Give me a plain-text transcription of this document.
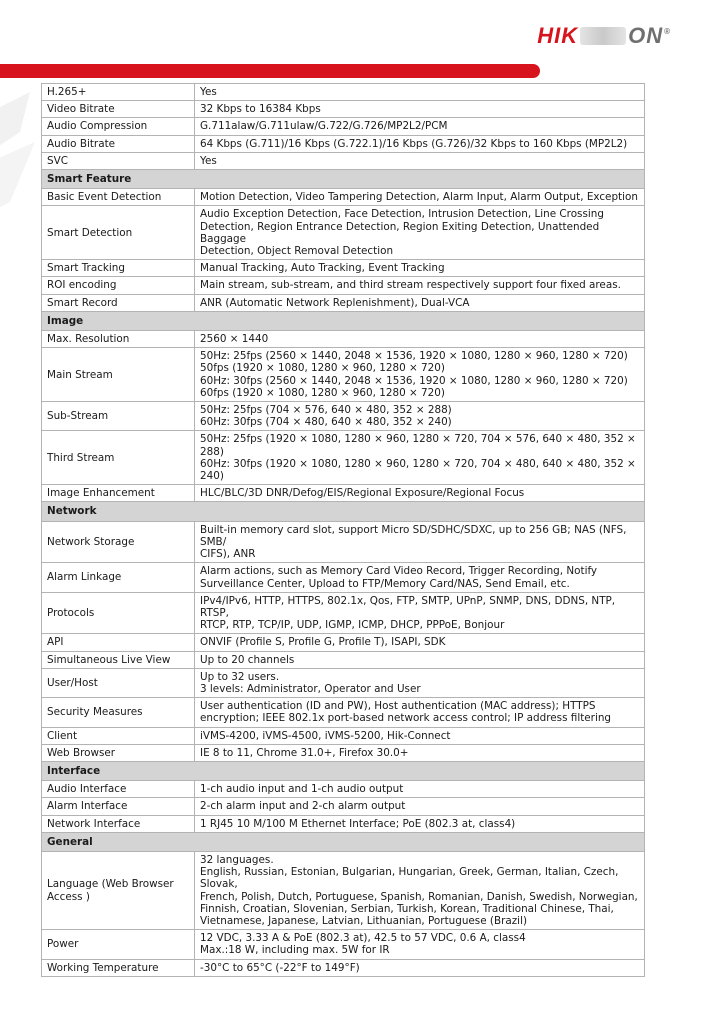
HIK ON ®
H.265+	Yes
Video Bitrate	32 Kbps to 16384 Kbps
Audio Compression	G.711alaw/G.711ulaw/G.722/G.726/MP2L2/PCM
Audio Bitrate	64 Kbps (G.711)/16 Kbps (G.722.1)/16 Kbps (G.726)/32 Kbps to 160 Kbps (MP2L2)
SVC	Yes
Smart Feature	
Basic Event Detection	Motion Detection, Video Tampering Detection, Alarm Input, Alarm Output, Exception
Smart Detection	Audio Exception Detection, Face Detection, Intrusion Detection, Line Crossing
Detection, Region Entrance Detection, Region Exiting Detection, Unattended Baggage
Detection, Object Removal Detection
Smart Tracking	Manual Tracking, Auto Tracking, Event Tracking
ROI encoding	Main stream, sub-stream, and third stream respectively support four fixed areas.
Smart Record	ANR (Automatic Network Replenishment), Dual-VCA
Image	
Max. Resolution	2560 × 1440
Main Stream	50Hz: 25fps (2560 × 1440, 2048 × 1536, 1920 × 1080, 1280 × 960, 1280 × 720)
50fps (1920 × 1080, 1280 × 960, 1280 × 720)
60Hz: 30fps (2560 × 1440, 2048 × 1536, 1920 × 1080, 1280 × 960, 1280 × 720)
60fps (1920 × 1080, 1280 × 960, 1280 × 720)
Sub-Stream	50Hz: 25fps (704 × 576, 640 × 480, 352 × 288)
60Hz: 30fps (704 × 480, 640 × 480, 352 × 240)
Third Stream	50Hz: 25fps (1920 × 1080, 1280 × 960, 1280 × 720, 704 × 576, 640 × 480, 352 × 288)
60Hz: 30fps (1920 × 1080, 1280 × 960, 1280 × 720, 704 × 480, 640 × 480, 352 × 240)
Image Enhancement	HLC/BLC/3D DNR/Defog/EIS/Regional Exposure/Regional Focus
Network	
Network Storage	Built-in memory card slot, support Micro SD/SDHC/SDXC, up to 256 GB; NAS (NFS, SMB/
CIFS), ANR
Alarm Linkage	Alarm actions, such as Memory Card Video Record, Trigger Recording, Notify
Surveillance Center, Upload to FTP/Memory Card/NAS, Send Email, etc.
Protocols	IPv4/IPv6, HTTP, HTTPS, 802.1x, Qos, FTP, SMTP, UPnP, SNMP, DNS, DDNS, NTP, RTSP,
RTCP, RTP, TCP/IP, UDP, IGMP, ICMP, DHCP, PPPoE, Bonjour
API	ONVIF (Profile S, Profile G, Profile T), ISAPI, SDK
Simultaneous Live View	Up to 20 channels
User/Host	Up to 32 users.
3 levels: Administrator, Operator and User
Security Measures	User authentication (ID and PW), Host authentication (MAC address); HTTPS
encryption; IEEE 802.1x port-based network access control; IP address filtering
Client	iVMS-4200, iVMS-4500, iVMS-5200, Hik-Connect
Web Browser	IE 8 to 11, Chrome 31.0+, Firefox 30.0+
Interface	
Audio Interface	1-ch audio input and 1-ch audio output
Alarm Interface	2-ch alarm input and 2-ch alarm output
Network Interface	1 RJ45 10 M/100 M Ethernet Interface; PoE (802.3 at, class4)
General	
Language (Web Browser
Access )	32 languages.
English, Russian, Estonian, Bulgarian, Hungarian, Greek, German, Italian, Czech, Slovak,
French, Polish, Dutch, Portuguese, Spanish, Romanian, Danish, Swedish, Norwegian,
Finnish, Croatian, Slovenian, Serbian, Turkish, Korean, Traditional Chinese, Thai,
Vietnamese, Japanese, Latvian, Lithuanian, Portuguese (Brazil)
Power	12 VDC, 3.33 A & PoE (802.3 at), 42.5 to 57 VDC, 0.6 A, class4
Max.:18 W, including max. 5W for IR
Working Temperature	-30°C to 65°C (-22°F to 149°F)
